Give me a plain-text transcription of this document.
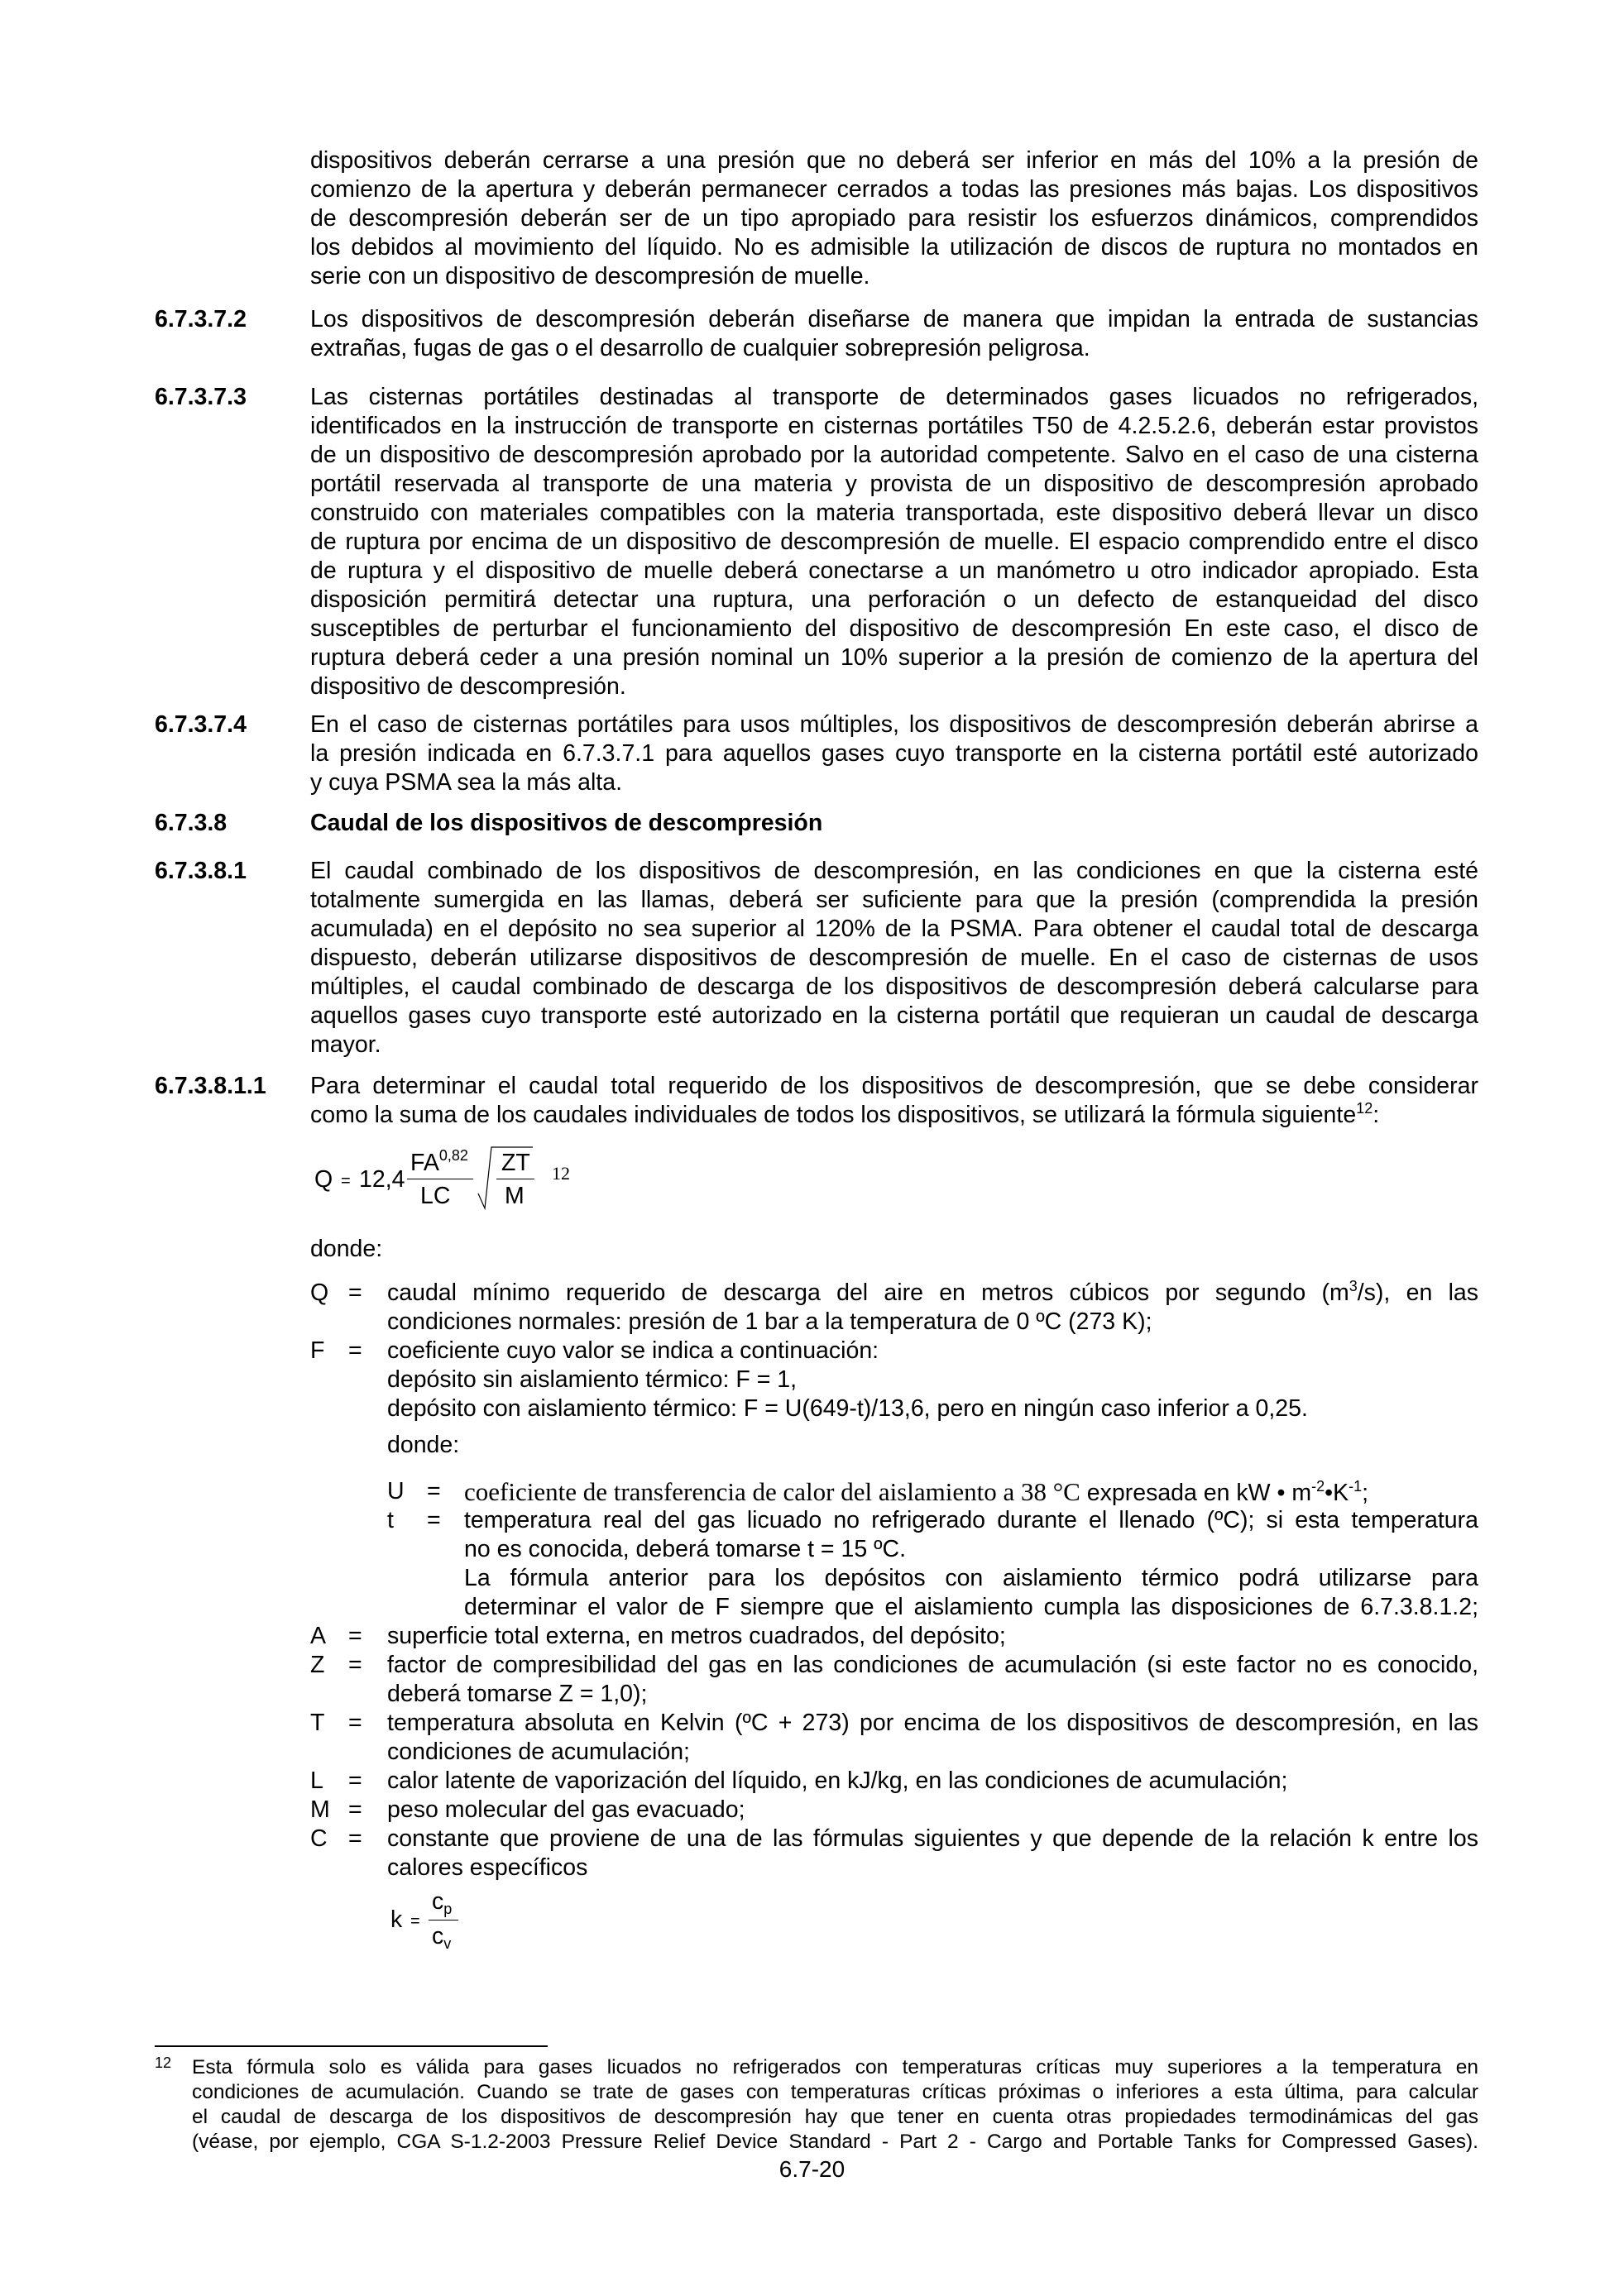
dispositivos deberán cerrarse a una presión que no deberá ser inferior en más del 10% a la presión de
comienzo de la apertura y deberán permanecer cerrados a todas las presiones más bajas. Los dispositivos
de descompresión deberán ser de un tipo apropiado para resistir los esfuerzos dinámicos, comprendidos
los debidos al movimiento del líquido. No es admisible la utilización de discos de ruptura no montados en
serie con un dispositivo de descompresión de muelle.
6.7.3.7.2	Los dispositivos de descompresión deberán diseñarse de manera que impidan la entrada de sustancias
extrañas, fugas de gas o el desarrollo de cualquier sobrepresión peligrosa.
6.7.3.7.3	Las cisternas portátiles destinadas al transporte de determinados gases licuados no refrigerados,
identificados en la instrucción de transporte en cisternas portátiles T50 de 4.2.5.2.6, deberán estar provistos
de un dispositivo de descompresión aprobado por la autoridad competente. Salvo en el caso de una cisterna
portátil reservada al transporte de una materia y provista de un dispositivo de descompresión aprobado
construido con materiales compatibles con la materia transportada, este dispositivo deberá llevar un disco
de ruptura por encima de un dispositivo de descompresión de muelle. El espacio comprendido entre el disco
de ruptura y el dispositivo de muelle deberá conectarse a un manómetro u otro indicador apropiado. Esta
disposición permitirá detectar una ruptura, una perforación o un defecto de estanqueidad del disco
susceptibles de perturbar el funcionamiento del dispositivo de descompresión En este caso, el disco de
ruptura deberá ceder a una presión nominal un 10% superior a la presión de comienzo de la apertura del
dispositivo de descompresión.
6.7.3.7.4	En el caso de cisternas portátiles para usos múltiples, los dispositivos de descompresión deberán abrirse a
la presión indicada en 6.7.3.7.1 para aquellos gases cuyo transporte en la cisterna portátil esté autorizado
y cuya PSMA sea la más alta.
6.7.3.8	Caudal de los dispositivos de descompresión
6.7.3.8.1	El caudal combinado de los dispositivos de descompresión, en las condiciones en que la cisterna esté
totalmente sumergida en las llamas, deberá ser suficiente para que la presión (comprendida la presión
acumulada) en el depósito no sea superior al 120% de la PSMA. Para obtener el caudal total de descarga
dispuesto, deberán utilizarse dispositivos de descompresión de muelle. En el caso de cisternas de usos
múltiples, el caudal combinado de descarga de los dispositivos de descompresión deberá calcularse para
aquellos gases cuyo transporte esté autorizado en la cisterna portátil que requieran un caudal de descarga
mayor.
6.7.3.8.1.1 Para determinar el caudal total requerido de los dispositivos de descompresión, que se debe considerar
como la suma de los caudales individuales de todos los dispositivos, se utilizará la fórmula siguiente$^{12}$:
Q = 12,4
FA$^{0,82}$
LC
ZT
M
12
donde:
Q = caudal mínimo requerido de descarga del aire en metros cúbicos por segundo $(m^3/s)$, en las
condiciones normales: presión de 1 bar a la temperatura de 0 ºC (273 K);
F = coeficiente cuyo valor se indica a continuación:
depósito sin aislamiento térmico: F = 1,
depósito con aislamiento térmico: F = U(649-t)/13,6, pero en ningún caso inferior a 0,25.
donde:
U = coeficiente de transferencia de calor del aislamiento a 38 °C expresada en kW • $m^{-2}•K^{-1}$;
t = temperatura real del gas licuado no refrigerado durante el llenado (ºC); si esta temperatura
no es conocida, deberá tomarse t = 15 ºC.
La fórmula anterior para los depósitos con aislamiento térmico podrá utilizarse para
determinar el valor de F siempre que el aislamiento cumpla las disposiciones de 6.7.3.8.1.2;
A = superficie total externa, en metros cuadrados, del depósito;
Z = factor de compresibilidad del gas en las condiciones de acumulación (si este factor no es conocido,
deberá tomarse Z = 1,0);
T = temperatura absoluta en Kelvin (ºC + 273) por encima de los dispositivos de descompresión, en las
condiciones de acumulación;
L = calor latente de vaporización del líquido, en kJ/kg, en las condiciones de acumulación;
M = peso molecular del gas evacuado;
C = constante que proviene de una de las fórmulas siguientes y que depende de la relación k entre los
calores específicos
k =
$c_p$
$c_v$
12 Esta fórmula solo es válida para gases licuados no refrigerados con temperaturas críticas muy superiores a la temperatura en
condiciones de acumulación. Cuando se trate de gases con temperaturas críticas próximas o inferiores a esta última, para calcular
el caudal de descarga de los dispositivos de descompresión hay que tener en cuenta otras propiedades termodinámicas del gas
(véase, por ejemplo, CGA S-1.2-2003 Pressure Relief Device Standard - Part 2 - Cargo and Portable Tanks for Compressed Gases).
6.7-20
